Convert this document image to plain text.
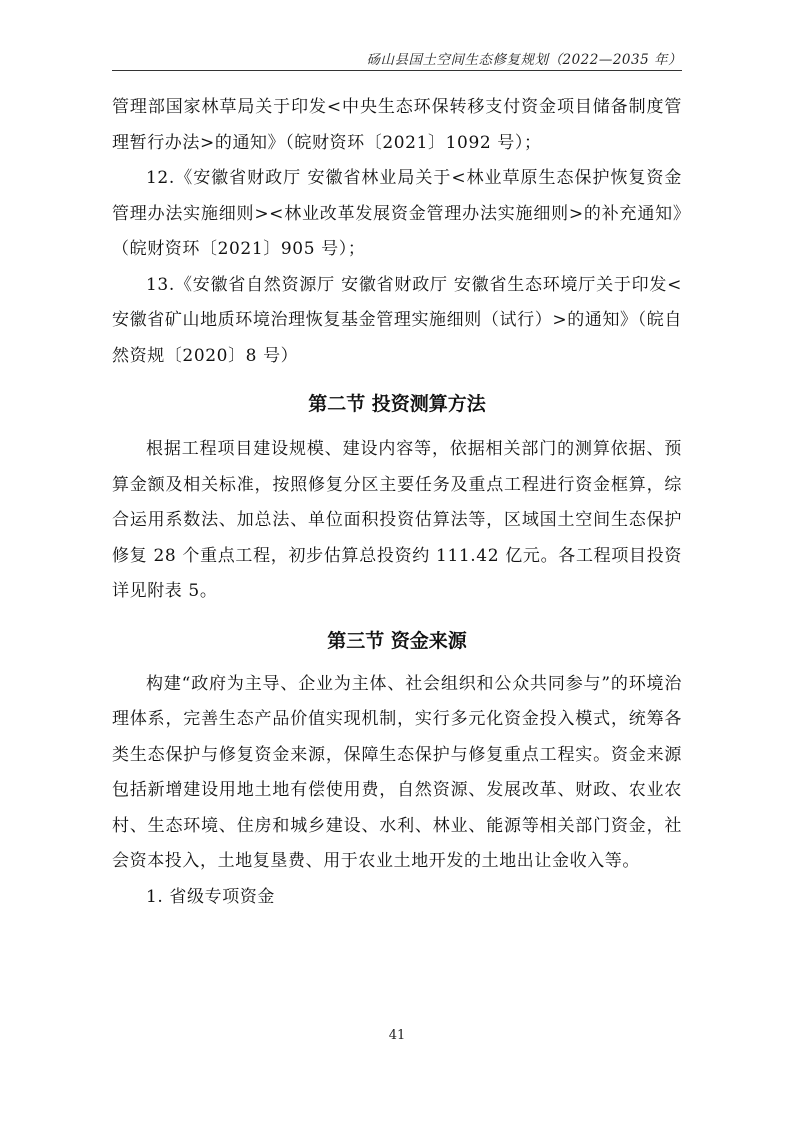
砀山县国土空间生态修复规划（2022—2035 年）

管理部国家林草局关于印发<中央生态环保转移支付资金项目储备制度管理暂行办法>的通知》（皖财资环〔2021〕1092 号）；

12.《安徽省财政厅 安徽省林业局关于<林业草原生态保护恢复资金管理办法实施细则><林业改革发展资金管理办法实施细则>的补充通知》（皖财资环〔2021〕905 号）；

13.《安徽省自然资源厅 安徽省财政厅 安徽省生态环境厅关于印发<安徽省矿山地质环境治理恢复基金管理实施细则（试行）>的通知》（皖自然资规〔2020〕8 号）

第二节 投资测算方法

根据工程项目建设规模、建设内容等，依据相关部门的测算依据、预算金额及相关标准，按照修复分区主要任务及重点工程进行资金框算，综合运用系数法、加总法、单位面积投资估算法等，区域国土空间生态保护修复 28 个重点工程，初步估算总投资约 111.42 亿元。各工程项目投资详见附表 5。

第三节 资金来源

构建“政府为主导、企业为主体、社会组织和公众共同参与”的环境治理体系，完善生态产品价值实现机制，实行多元化资金投入模式，统筹各类生态保护与修复资金来源，保障生态保护与修复重点工程实。资金来源包括新增建设用地土地有偿使用费，自然资源、发展改革、财政、农业农村、生态环境、住房和城乡建设、水利、林业、能源等相关部门资金，社会资本投入，土地复垦费、用于农业土地开发的土地出让金收入等。

1. 省级专项资金

41
